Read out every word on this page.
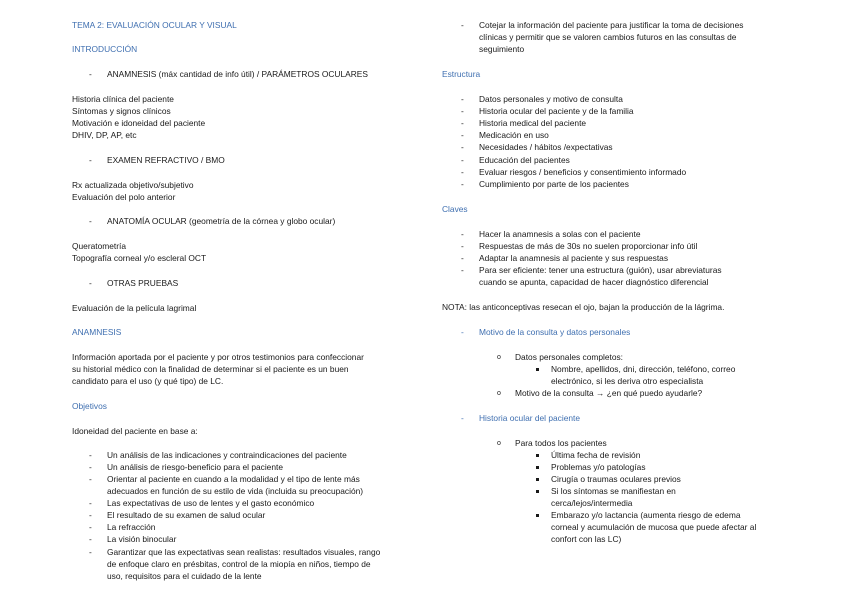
TEMA 2: EVALUACIÓN OCULAR Y VISUAL
INTRODUCCIÓN
- ANAMNESIS (máx cantidad de info útil) / PARÁMETROS OCULARES
Historia clínica del paciente
Síntomas y signos clínicos
Motivación e idoneidad del paciente
DHIV, DP, AP, etc
- EXAMEN REFRACTIVO / BMO
Rx actualizada objetivo/subjetivo
Evaluación del polo anterior
- ANATOMÍA OCULAR (geometría de la córnea y globo ocular)
Queratometría
Topografía corneal y/o escleral OCT
- OTRAS PRUEBAS
Evaluación de la película lagrimal
ANAMNESIS
Información aportada por el paciente y por otros testimonios para confeccionar
su historial médico con la finalidad de determinar si el paciente es un buen
candidato para el uso (y qué tipo) de LC.
Objetivos
Idoneidad del paciente en base a:
- Un análisis de las indicaciones y contraindicaciones del paciente
- Un análisis de riesgo-beneficio para el paciente
- Orientar al paciente en cuando a la modalidad y el tipo de lente más
adecuados en función de su estilo de vida (incluida su preocupación)
- Las expectativas de uso de lentes y el gasto económico
- El resultado de su examen de salud ocular
- La refracción
- La visión binocular
- Garantizar que las expectativas sean realistas: resultados visuales, rango
de enfoque claro en présbitas, control de la miopía en niños, tiempo de
uso, requisitos para el cuidado de la lente
- Cotejar la información del paciente para justificar la toma de decisiones
clínicas y permitir que se valoren cambios futuros en las consultas de
seguimiento
Estructura
- Datos personales y motivo de consulta
- Historia ocular del paciente y de la familia
- Historia medical del paciente
- Medicación en uso
- Necesidades / hábitos /expectativas
- Educación del pacientes
- Evaluar riesgos / beneficios y consentimiento informado
- Cumplimiento por parte de los pacientes
Claves
- Hacer la anamnesis a solas con el paciente
- Respuestas de más de 30s no suelen proporcionar info útil
- Adaptar la anamnesis al paciente y sus respuestas
- Para ser eficiente: tener una estructura (guión), usar abreviaturas
cuando se apunta, capacidad de hacer diagnóstico diferencial
NOTA: las anticonceptivas resecan el ojo, bajan la producción de la lágrima.
- Motivo de la consulta y datos personales
o Datos personales completos:
Nombre, apellidos, dni, dirección, teléfono, correo
electrónico, si les deriva otro especialista
o Motivo de la consulta → ¿en qué puedo ayudarle?
- Historia ocular del paciente
o Para todos los pacientes
Última fecha de revisión
Problemas y/o patologías
Cirugía o traumas oculares previos
Si los síntomas se manifiestan en
cerca/lejos/intermedia
Embarazo y/o lactancia (aumenta riesgo de edema
corneal y acumulación de mucosa que puede afectar al
confort con las LC)
